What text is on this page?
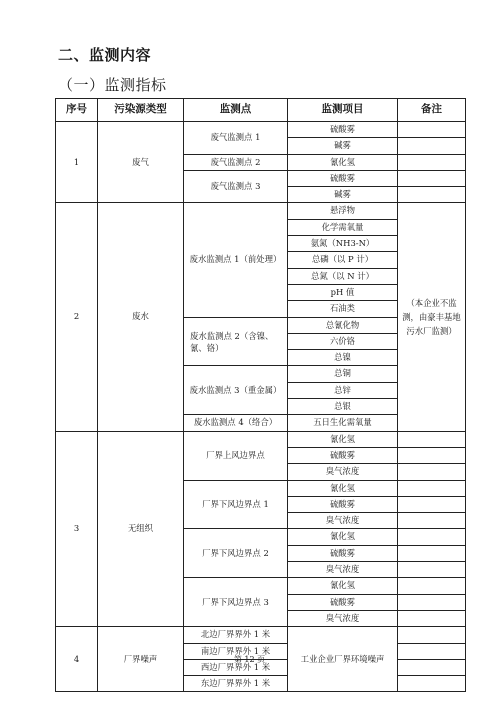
二、监测内容
（一）监测指标
序号	污染源类型	监测点	监测项目	备注
1	废气	废气监测点 1	硫酸雾	
			碱雾	
		废气监测点 2	氰化氢	
		废气监测点 3	硫酸雾	
			碱雾	
2	废水	废水监测点 1（前处理）	悬浮物	（本企业不监测，由豪丰基地污水厂监测）
			化学需氧量	
			氨氮（NH3-N）	
			总磷（以 P 计）	
			总氮（以 N 计）	
			pH 值	
			石油类	
		废水监测点 2（含镍、氰、铬）	总氰化物	
			六价铬	
			总镍	
		废水监测点 3（重金属）	总铜	
			总锌	
			总银	
		废水监测点 4（络合）	五日生化需氧量	
3	无组织	厂界上风边界点	氰化氢	
			硫酸雾	
			臭气浓度	
		厂界下风边界点 1	氰化氢	
			硫酸雾	
			臭气浓度	
		厂界下风边界点 2	氰化氢	
			硫酸雾	
			臭气浓度	
		厂界下风边界点 3	氰化氢	
			硫酸雾	
			臭气浓度	
4	厂界噪声	北边厂界界外 1 米	工业企业厂界环境噪声	
		南边厂界界外 1 米		
		西边厂界界外 1 米		
		东边厂界界外 1 米		
第 12 页
